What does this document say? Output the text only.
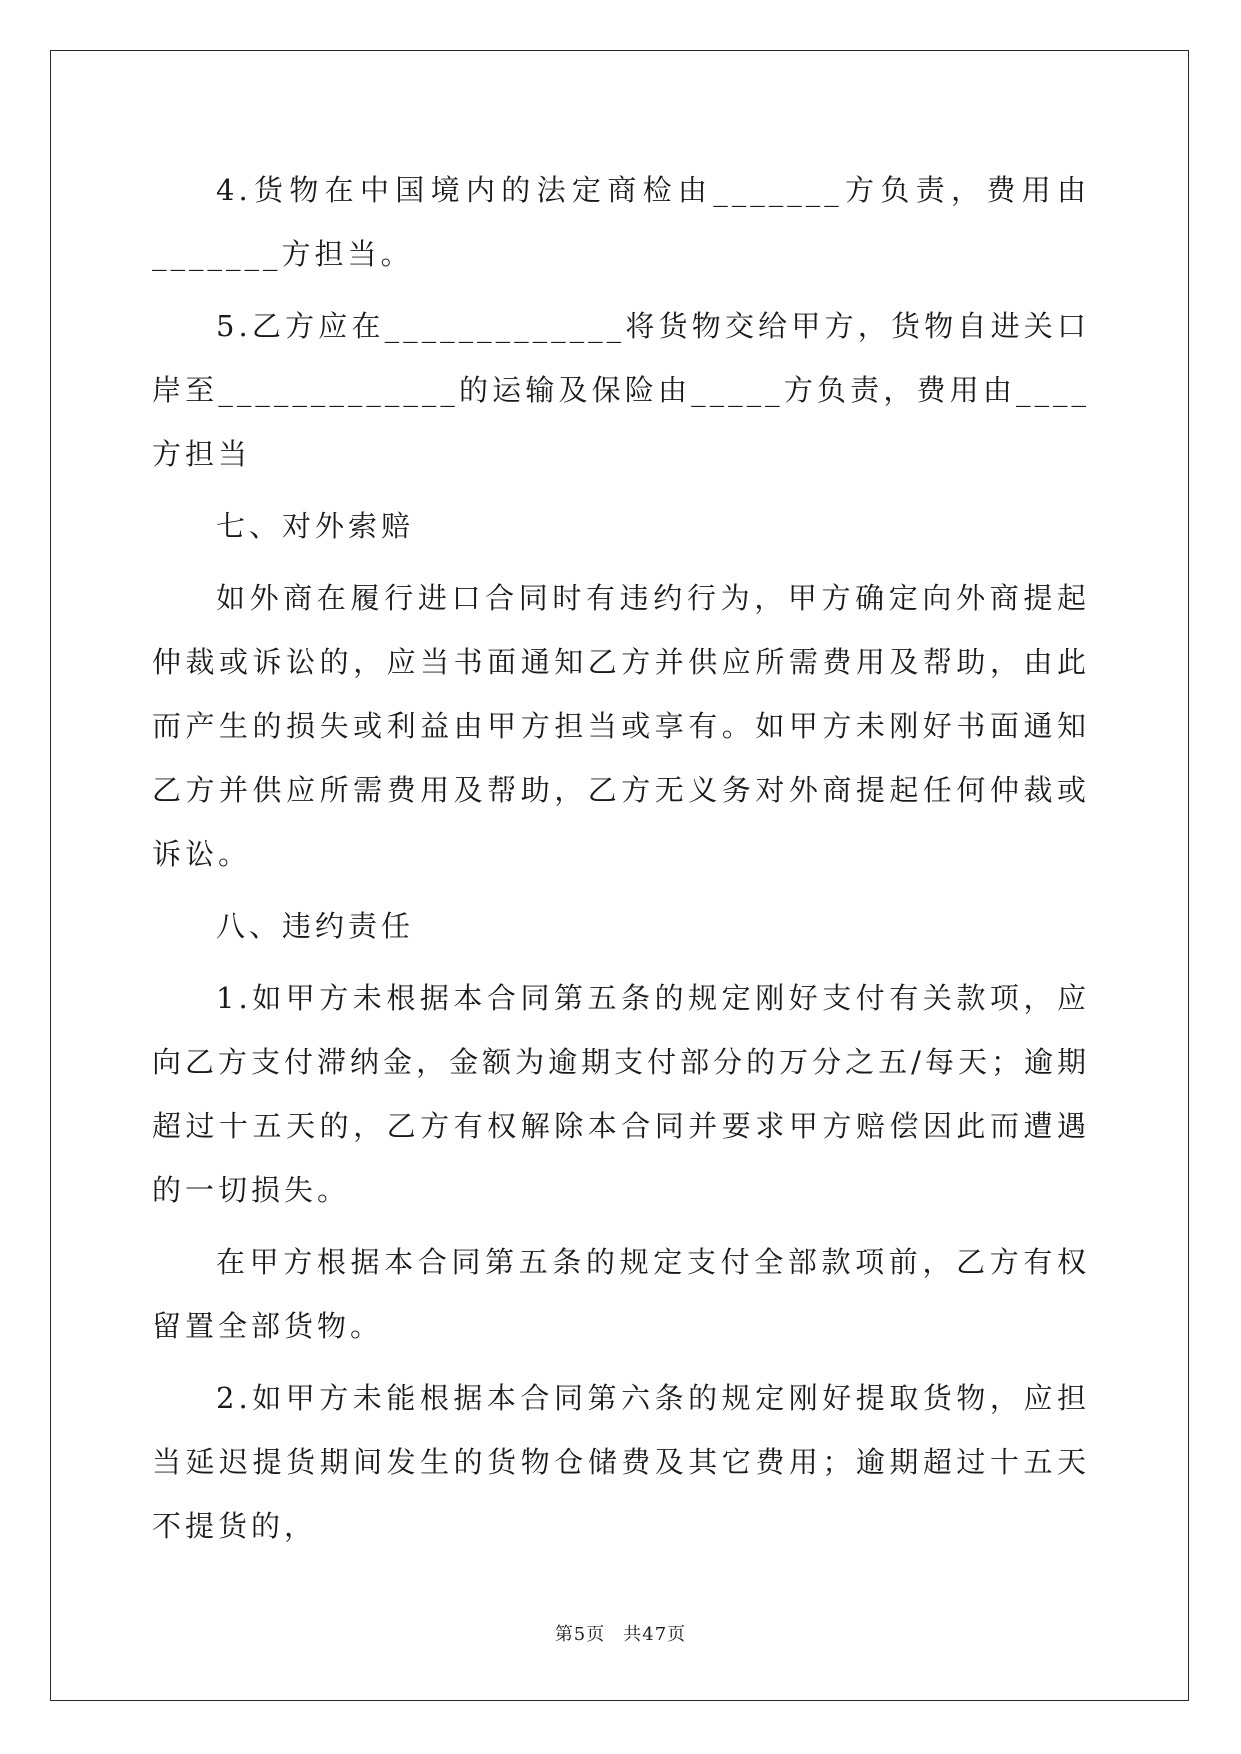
4.货物在中国境内的法定商检由_______方负责，费用由_______方担当。

5.乙方应在_____________将货物交给甲方，货物自进关口岸至_____________的运输及保险由_____方负责，费用由____方担当

七、对外索赔

如外商在履行进口合同时有违约行为，甲方确定向外商提起仲裁或诉讼的，应当书面通知乙方并供应所需费用及帮助，由此而产生的损失或利益由甲方担当或享有。如甲方未刚好书面通知乙方并供应所需费用及帮助，乙方无义务对外商提起任何仲裁或诉讼。

八、违约责任

1.如甲方未根据本合同第五条的规定刚好支付有关款项，应向乙方支付滞纳金，金额为逾期支付部分的万分之五/每天；逾期超过十五天的，乙方有权解除本合同并要求甲方赔偿因此而遭遇的一切损失。

在甲方根据本合同第五条的规定支付全部款项前，乙方有权留置全部货物。

2.如甲方未能根据本合同第六条的规定刚好提取货物，应担当延迟提货期间发生的货物仓储费及其它费用；逾期超过十五天不提货的，

第5页 共47页
